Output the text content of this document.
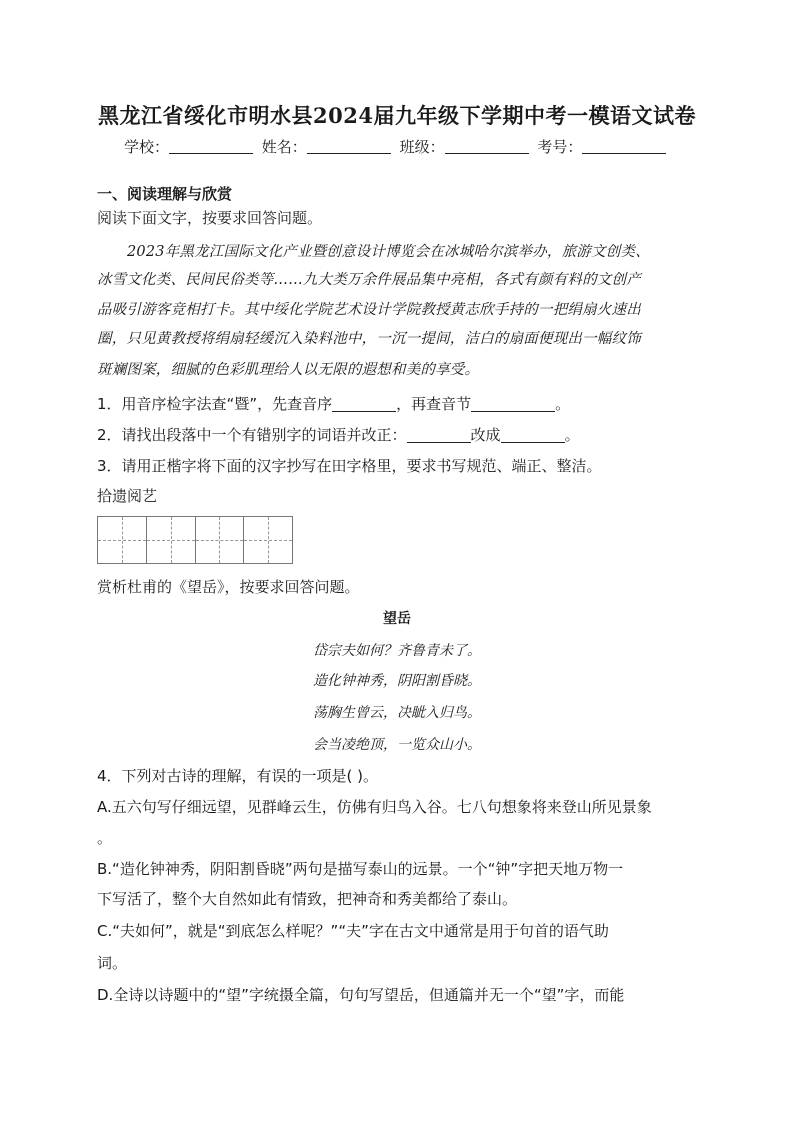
黑龙江省绥化市明水县2024届九年级下学期中考一模语文试卷
学校：	姓名：	班级：	考号：
一、阅读理解与欣赏
阅读下面文字，按要求回答问题。
2023年黑龙江国际文化产业暨创意设计博览会在冰城哈尔滨举办，旅游文创类、
冰雪文化类、民间民俗类等……九大类万余件展品集中亮相，各式有颜有料的文创产
品吸引游客竞相打卡。其中绥化学院艺术设计学院教授黄志欣手持的一把绢扇火速出
圈，只见黄教授将绢扇轻缓沉入染料池中，一沉一提间，洁白的扇面便现出一幅纹饰
斑斓图案，细腻的色彩肌理给人以无限的遐想和美的享受。
1．用音序检字法查“暨”，先查音序	，再查音节	。
2．请找出段落中一个有错别字的词语并改正：	改成	。
3．请用正楷字将下面的汉字抄写在田字格里，要求书写规范、端正、整洁。
拾遗阅艺
赏析杜甫的《望岳》，按要求回答问题。
望岳
岱宗夫如何？齐鲁青未了。
造化钟神秀，阴阳割昏晓。
荡胸生曾云，决眦入归鸟。
会当凌绝顶，一览众山小。
4．下列对古诗的理解，有误的一项是( )。
A.五六句写仔细远望，见群峰云生，仿佛有归鸟入谷。七八句想象将来登山所见景象
。
B.“造化钟神秀，阴阳割昏晓”两句是描写泰山的远景。一个“钟”字把天地万物一
下写活了，整个大自然如此有情致，把神奇和秀美都给了泰山。
C.“夫如何”，就是“到底怎么样呢？”“夫”字在古文中通常是用于句首的语气助
词。
D.全诗以诗题中的“望”字统摄全篇，句句写望岳，但通篇并无一个“望”字，而能
